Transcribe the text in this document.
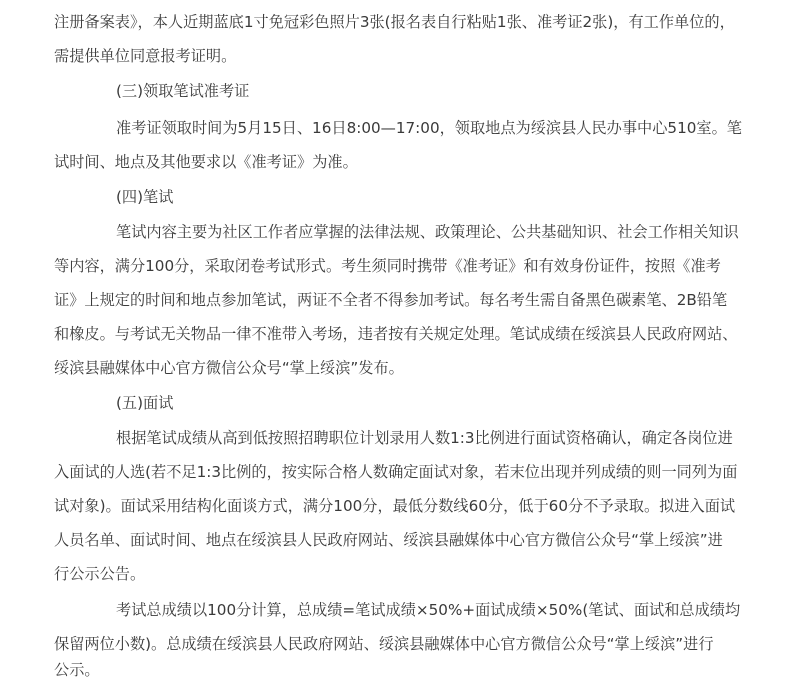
注册备案表》，本人近期蓝底1寸免冠彩色照片3张(报名表自行粘贴1张、准考证2张)，有工作单位的，
需提供单位同意报考证明。
(三)领取笔试准考证
准考证领取时间为5月15日、16日8:00—17:00，领取地点为绥滨县人民办事中心510室。笔
试时间、地点及其他要求以《准考证》为准。
(四)笔试
笔试内容主要为社区工作者应掌握的法律法规、政策理论、公共基础知识、社会工作相关知识
等内容，满分100分，采取闭卷考试形式。考生须同时携带《准考证》和有效身份证件，按照《准考
证》上规定的时间和地点参加笔试，两证不全者不得参加考试。每名考生需自备黑色碳素笔、2B铅笔
和橡皮。与考试无关物品一律不准带入考场，违者按有关规定处理。笔试成绩在绥滨县人民政府网站、
绥滨县融媒体中心官方微信公众号“掌上绥滨”发布。
(五)面试
根据笔试成绩从高到低按照招聘职位计划录用人数1:3比例进行面试资格确认，确定各岗位进
入面试的人选(若不足1:3比例的，按实际合格人数确定面试对象，若末位出现并列成绩的则一同列为面
试对象)。面试采用结构化面谈方式，满分100分，最低分数线60分，低于60分不予录取。拟进入面试
人员名单、面试时间、地点在绥滨县人民政府网站、绥滨县融媒体中心官方微信公众号“掌上绥滨”进
行公示公告。
考试总成绩以100分计算，总成绩=笔试成绩×50%+面试成绩×50%(笔试、面试和总成绩均
保留两位小数)。总成绩在绥滨县人民政府网站、绥滨县融媒体中心官方微信公众号“掌上绥滨”进行
公示。
